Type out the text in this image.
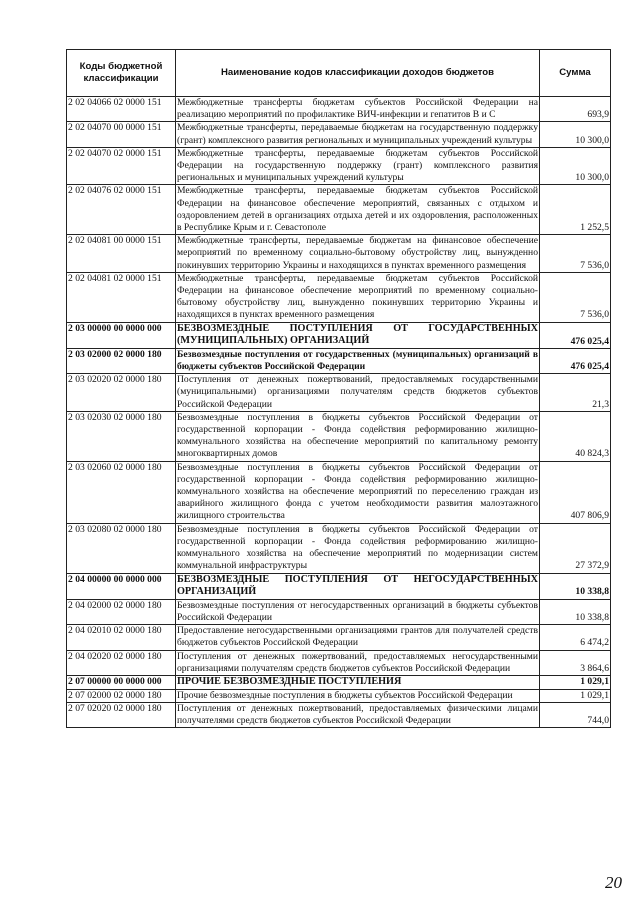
Коды бюджетной классификации	Наименование кодов классификации доходов бюджетов	Сумма
2 02 04066 02 0000 151	Межбюджетные трансферты бюджетам субъектов Российской Федерации на реализацию мероприятий по профилактике ВИЧ-инфекции и гепатитов B и C	693,9
2 02 04070 00 0000 151	Межбюджетные трансферты, передаваемые бюджетам на государственную поддержку (грант) комплексного развития региональных и муниципальных учреждений культуры	10 300,0
2 02 04070 02 0000 151	Межбюджетные трансферты, передаваемые бюджетам субъектов Российской Федерации на государственную поддержку (грант) комплексного развития региональных и муниципальных учреждений культуры	10 300,0
2 02 04076 02 0000 151	Межбюджетные трансферты, передаваемые бюджетам субъектов Российской Федерации на финансовое обеспечение мероприятий, связанных с отдыхом и оздоровлением детей в организациях отдыха детей и их оздоровления, расположенных в Республике Крым и г. Севастополе	1 252,5
2 02 04081 00 0000 151	Межбюджетные трансферты, передаваемые бюджетам на финансовое обеспечение мероприятий по временному социально-бытовому обустройству лиц, вынужденно покинувших территорию Украины и находящихся в пунктах временного размещения	7 536,0
2 02 04081 02 0000 151	Межбюджетные трансферты, передаваемые бюджетам субъектов Российской Федерации на финансовое обеспечение мероприятий по временному социально-бытовому обустройству лиц, вынужденно покинувших территорию Украины и находящихся в пунктах временного размещения	7 536,0
2 03 00000 00 0000 000	БЕЗВОЗМЕЗДНЫЕ ПОСТУПЛЕНИЯ ОТ ГОСУДАРСТВЕННЫХ (МУНИЦИПАЛЬНЫХ) ОРГАНИЗАЦИЙ	476 025,4
2 03 02000 02 0000 180	Безвозмездные поступления от государственных (муниципальных) организаций в бюджеты субъектов Российской Федерации	476 025,4
2 03 02020 02 0000 180	Поступления от денежных пожертвований, предоставляемых государственными (муниципальными) организациями получателям средств бюджетов субъектов Российской Федерации	21,3
2 03 02030 02 0000 180	Безвозмездные поступления в бюджеты субъектов Российской Федерации от государственной корпорации - Фонда содействия реформированию жилищно-коммунального хозяйства на обеспечение мероприятий по капитальному ремонту многоквартирных домов	40 824,3
2 03 02060 02 0000 180	Безвозмездные поступления в бюджеты субъектов Российской Федерации от государственной корпорации - Фонда содействия реформированию жилищно-коммунального хозяйства на обеспечение мероприятий по переселению граждан из аварийного жилищного фонда с учетом необходимости развития малоэтажного жилищного строительства	407 806,9
2 03 02080 02 0000 180	Безвозмездные поступления в бюджеты субъектов Российской Федерации от государственной корпорации - Фонда содействия реформированию жилищно-коммунального хозяйства на обеспечение мероприятий по модернизации систем коммунальной инфраструктуры	27 372,9
2 04 00000 00 0000 000	БЕЗВОЗМЕЗДНЫЕ ПОСТУПЛЕНИЯ ОТ НЕГОСУДАРСТВЕННЫХ ОРГАНИЗАЦИЙ	10 338,8
2 04 02000 02 0000 180	Безвозмездные поступления от негосударственных организаций в бюджеты субъектов Российской Федерации	10 338,8
2 04 02010 02 0000 180	Предоставление негосударственными организациями грантов для получателей средств бюджетов субъектов Российской Федерации	6 474,2
2 04 02020 02 0000 180	Поступления от денежных пожертвований, предоставляемых негосударственными организациями получателям средств бюджетов субъектов Российской Федерации	3 864,6
2 07 00000 00 0000 000	ПРОЧИЕ БЕЗВОЗМЕЗДНЫЕ ПОСТУПЛЕНИЯ	1 029,1
2 07 02000 02 0000 180	Прочие безвозмездные поступления в бюджеты субъектов Российской Федерации	1 029,1
2 07 02020 02 0000 180	Поступления от денежных пожертвований, предоставляемых физическими лицами получателями средств бюджетов субъектов Российской Федерации	744,0
20
